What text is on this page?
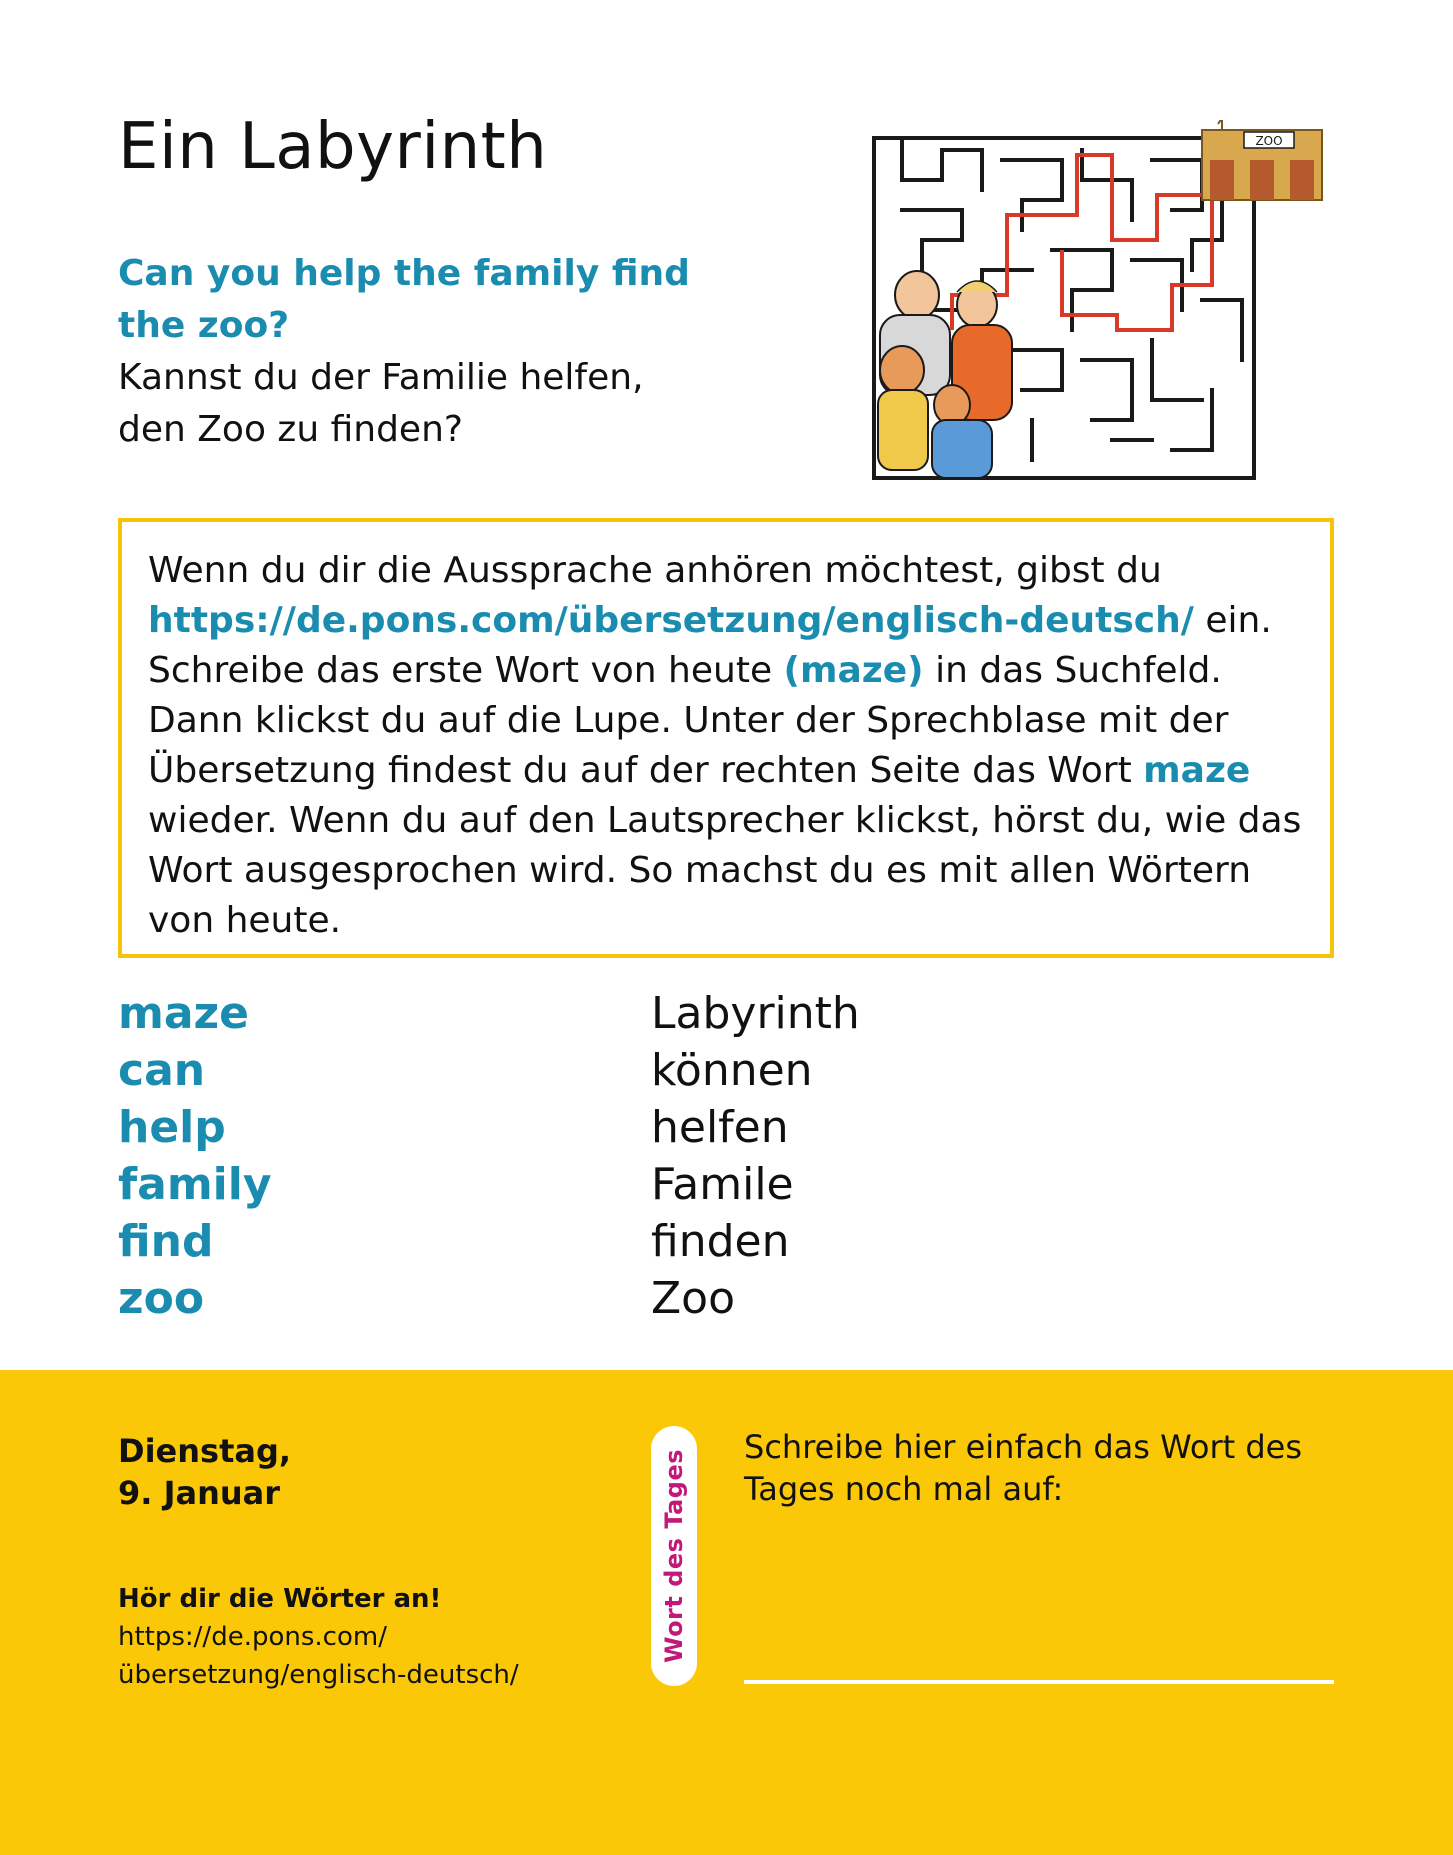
Ein Labyrinth
Can you help the family find
the zoo?
Kannst du der Familie helfen,
den Zoo zu finden?
ZOO
Wenn du dir die Aussprache anhören möchtest, gibst du https://de.pons.com/übersetzung/englisch-deutsch/ ein. Schreibe das erste Wort von heute (maze) in das Suchfeld. Dann klickst du auf die Lupe. Unter der Sprechblase mit der Übersetzung findest du auf der rechten Seite das Wort maze wieder. Wenn du auf den Lautsprecher klickst, hörst du, wie das Wort ausgesprochen wird. So machst du es mit allen Wörtern von heute.
maze	Labyrinth
can	können
help	helfen
family	Famile
find	finden
zoo	Zoo
Dienstag,
9. Januar
Hör dir die Wörter an!
https://de.pons.com/
übersetzung/englisch-deutsch/
Wort des Tages
Schreibe hier einfach das Wort des Tages noch mal auf:
